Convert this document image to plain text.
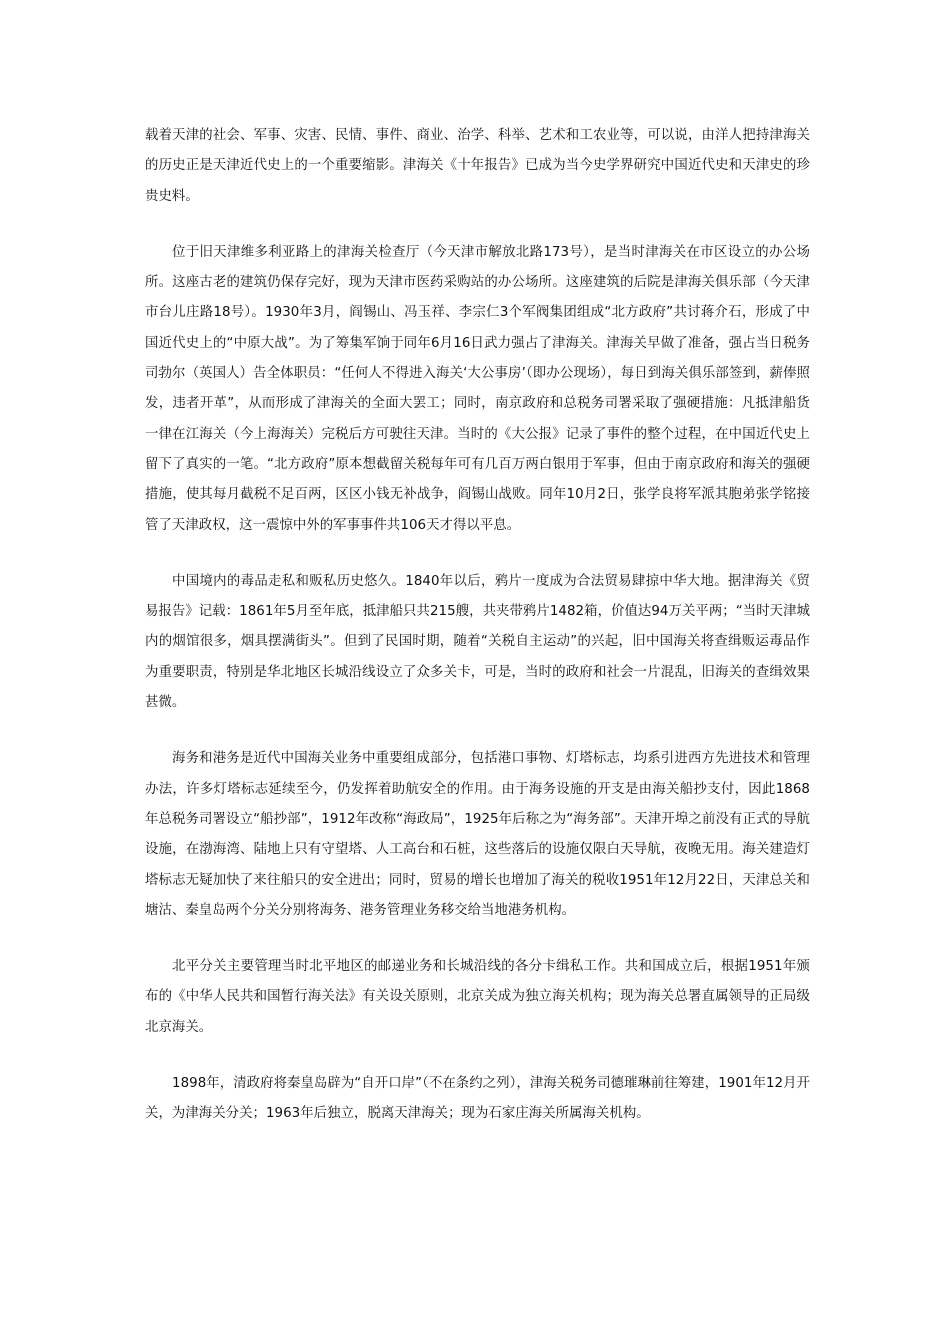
载着天津的社会、军事、灾害、民情、事件、商业、治学、科举、艺术和工农业等，可以说，由洋人把持津海关的历史正是天津近代史上的一个重要缩影。津海关《十年报告》已成为当今史学界研究中国近代史和天津史的珍贵史料。

位于旧天津维多利亚路上的津海关检查厅（今天津市解放北路173号），是当时津海关在市区设立的办公场所。这座古老的建筑仍保存完好，现为天津市医药采购站的办公场所。这座建筑的后院是津海关俱乐部（今天津市台儿庄路18号）。1930年3月，阎锡山、冯玉祥、李宗仁3个军阀集团组成“北方政府”共讨蒋介石，形成了中国近代史上的“中原大战”。为了筹集军饷于同年6月16日武力强占了津海关。津海关早做了准备，强占当日税务司勃尔（英国人）告全体职员：“任何人不得进入海关‘大公事房’（即办公现场），每日到海关俱乐部签到，薪俸照发，违者开革”，从而形成了津海关的全面大罢工；同时，南京政府和总税务司署采取了强硬措施：凡抵津船货一律在江海关（今上海海关）完税后方可驶往天津。当时的《大公报》记录了事件的整个过程，在中国近代史上留下了真实的一笔。“北方政府”原本想截留关税每年可有几百万两白银用于军事，但由于南京政府和海关的强硬措施，使其每月截税不足百两，区区小钱无补战争，阎锡山战败。同年10月2日，张学良将军派其胞弟张学铭接管了天津政权，这一震惊中外的军事事件共106天才得以平息。

中国境内的毒品走私和贩私历史悠久。1840年以后，鸦片一度成为合法贸易肆掠中华大地。据津海关《贸易报告》记载：1861年5月至年底，抵津船只共215艘，共夹带鸦片1482箱，价值达94万关平两；“当时天津城内的烟馆很多，烟具摆满街头”。但到了民国时期，随着“关税自主运动”的兴起，旧中国海关将查缉贩运毒品作为重要职责，特别是华北地区长城沿线设立了众多关卡，可是，当时的政府和社会一片混乱，旧海关的查缉效果甚微。

海务和港务是近代中国海关业务中重要组成部分，包括港口事物、灯塔标志，均系引进西方先进技术和管理办法，许多灯塔标志延续至今，仍发挥着助航安全的作用。由于海务设施的开支是由海关船抄支付，因此1868年总税务司署设立“船抄部”，1912年改称“海政局”，1925年后称之为“海务部”。天津开埠之前没有正式的导航设施，在渤海湾、陆地上只有守望塔、人工高台和石桩，这些落后的设施仅限白天导航，夜晚无用。海关建造灯塔标志无疑加快了来往船只的安全进出；同时，贸易的增长也增加了海关的税收1951年12月22日，天津总关和塘沽、秦皇岛两个分关分别将海务、港务管理业务移交给当地港务机构。

北平分关主要管理当时北平地区的邮递业务和长城沿线的各分卡缉私工作。共和国成立后，根据1951年颁布的《中华人民共和国暂行海关法》有关设关原则，北京关成为独立海关机构；现为海关总署直属领导的正局级北京海关。

1898年，清政府将秦皇岛辟为“自开口岸”（不在条约之列），津海关税务司德璀琳前往筹建，1901年12月开关，为津海关分关；1963年后独立，脱离天津海关；现为石家庄海关所属海关机构。
